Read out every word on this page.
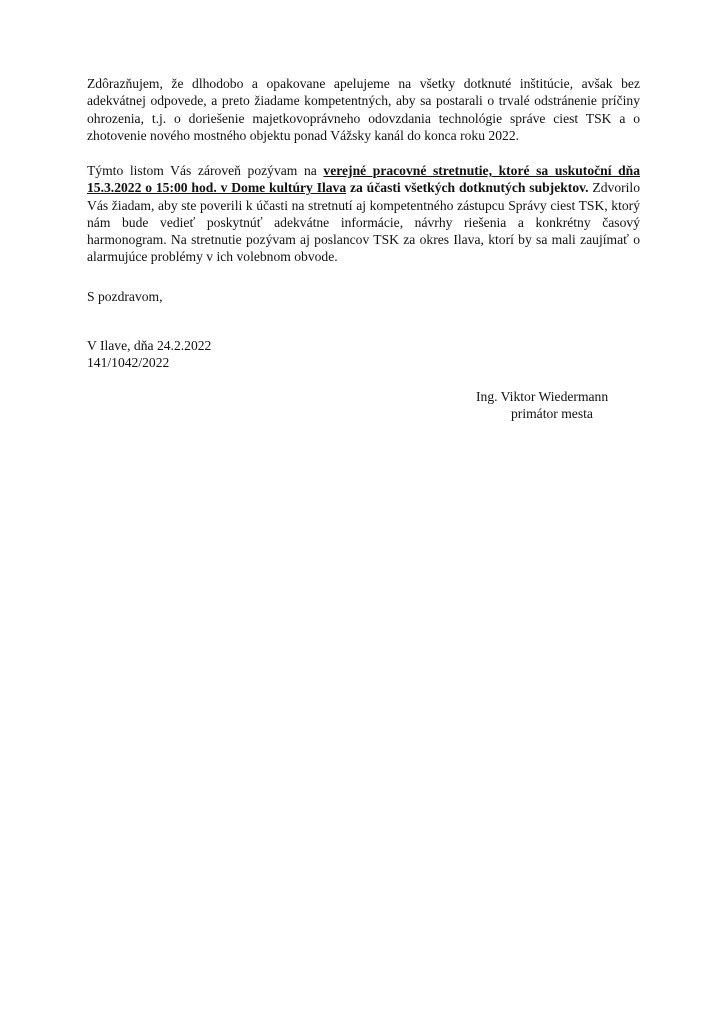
Zdôrazňujem, že dlhodobo a opakovane apelujeme na všetky dotknuté inštitúcie, avšak bez adekvátnej odpovede, a preto žiadame kompetentných, aby sa postarali o trvalé odstránenie príčiny ohrozenia, t.j. o doriešenie majetkovoprávneho odovzdania technológie správe ciest TSK a o zhotovenie nového mostného objektu ponad Vážsky kanál do konca roku 2022.

Týmto listom Vás zároveň pozývam na verejné pracovné stretnutie, ktoré sa uskutoční dňa 15.3.2022 o 15:00 hod. v Dome kultúry Ilava za účasti všetkých dotknutých subjektov. Zdvorilo Vás žiadam, aby ste poverili k účasti na stretnutí aj kompetentného zástupcu Správy ciest TSK, ktorý nám bude vedieť poskytnúť adekvátne informácie, návrhy riešenia a konkrétny časový harmonogram. Na stretnutie pozývam aj poslancov TSK za okres Ilava, ktorí by sa mali zaujímať o alarmujúce problémy v ich volebnom obvode.

S pozdravom,

V Ilave, dňa 24.2.2022
141/1042/2022
Ing. Viktor Wiedermann
primátor mesta
